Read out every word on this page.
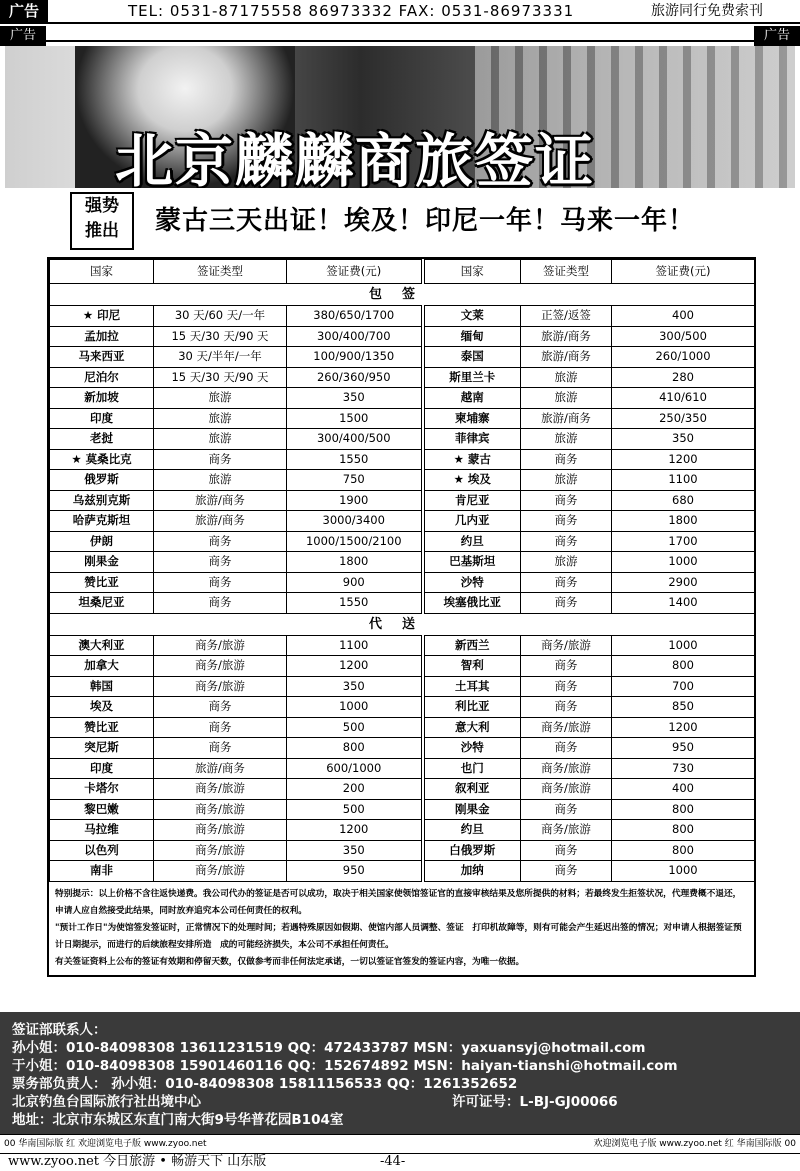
广告	TEL: 0531-87175558 86973332 FAX: 0531-86973331	旅游同行免费索刊
广告	广告
北京麟麟商旅签证
强势
推出	蒙古三天出证！埃及！印尼一年！马来一年！
国家	签证类型	签证费(元)	国家	签证类型	签证费(元)
包签					
★ 印尼	30 天/60 天/一年	380/650/1700	文莱	正签/返签	400
孟加拉	15 天/30 天/90 天	300/400/700	缅甸	旅游/商务	300/500
马来西亚	30 天/半年/一年	100/900/1350	泰国	旅游/商务	260/1000
尼泊尔	15 天/30 天/90 天	260/360/950	斯里兰卡	旅游	280
新加坡	旅游	350	越南	旅游	410/610
印度	旅游	1500	柬埔寨	旅游/商务	250/350
老挝	旅游	300/400/500	菲律宾	旅游	350
★ 莫桑比克	商务	1550	★ 蒙古	商务	1200
俄罗斯	旅游	750	★ 埃及	旅游	1100
乌兹别克斯	旅游/商务	1900	肯尼亚	商务	680
哈萨克斯坦	旅游/商务	3000/3400	几内亚	商务	1800
伊朗	商务	1000/1500/2100	约旦	商务	1700
刚果金	商务	1800	巴基斯坦	旅游	1000
赞比亚	商务	900	沙特	商务	2900
坦桑尼亚	商务	1550	埃塞俄比亚	商务	1400
代送					
澳大利亚	商务/旅游	1100	新西兰	商务/旅游	1000
加拿大	商务/旅游	1200	智利	商务	800
韩国	商务/旅游	350	土耳其	商务	700
埃及	商务	1000	利比亚	商务	850
赞比亚	商务	500	意大利	商务/旅游	1200
突尼斯	商务	800	沙特	商务	950
印度	旅游/商务	600/1000	也门	商务/旅游	730
卡塔尔	商务/旅游	200	叙利亚	商务/旅游	400
黎巴嫩	商务/旅游	500	刚果金	商务	800
马拉维	商务/旅游	1200	约旦	商务/旅游	800
以色列	商务/旅游	350	白俄罗斯	商务	800
南非	商务/旅游	950	加纳	商务	1000

特别提示：以上价格不含往返快递费。我公司代办的签证是否可以成功，取决于相关国家使领馆签证官的直接审核结果及您所提供的材料；若最终发生拒签状况，代理费概不退还，申请人应自然接受此结果，同时放弃追究本公司任何责任的权利。

"预计工作日"为使馆签发签证时，正常情况下的处理时间；若遇特殊原因如假期、使馆内部人员调整、签证　打印机故障等，则有可能会产生延迟出签的情况；对申请人根据签证预计日期提示，而进行的后续旅程安排所造　成的可能经济损失，本公司不承担任何责任。

有关签证资料上公布的签证有效期和停留天数，仅做参考而非任何法定承诺，一切以签证官签发的签证内容，为唯一依据。

签证部联系人：
孙小姐：010-84098308 13611231519 QQ：472433787 MSN：yaxuansyj@hotmail.com
于小姐：010-84098308 15901460116 QQ：152674892 MSN：haiyan-tianshi@hotmail.com
票务部负责人： 孙小姐：010-84098308 15811156533 QQ：1261352652
北京钓鱼台国际旅行社出境中心	许可证号：L-BJ-GJ00066
地址：北京市东城区东直门南大街9号华普花园B104室
00 华南国际版 红 欢迎浏览电子版 www.zyoo.net	欢迎浏览电子版 www.zyoo.net 红 华南国际版 00
www.zyoo.net 今日旅游 • 畅游天下 山东版	-44-
